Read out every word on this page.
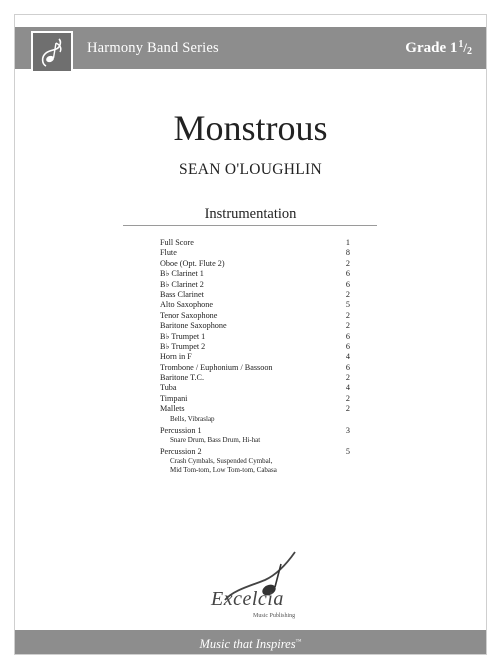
Harmony Band Series	Grade $1^1/2$
Monstrous
SEAN O'LOUGHLIN
Instrumentation
Full Score	1
Flute	8
Oboe (Opt. Flute 2)	2
B♭ Clarinet 1	6
B♭ Clarinet 2	6
Bass Clarinet	2
Alto Saxophone	5
Tenor Saxophone	2
Baritone Saxophone	2
B♭ Trumpet 1	6
B♭ Trumpet 2	6
Horn in F	4
Trombone / Euphonium / Bassoon	6
Baritone T.C.	2
Tuba	4
Timpani	2
Mallets	2
Bells, Vibraslap
Percussion 1	3
Snare Drum, Bass Drum, Hi-hat
Percussion 2	5
Crash Cymbals, Suspended Cymbal,
Mid Tom-tom, Low Tom-tom, Cabasa
Excelcia
Music Publishing
Music that Inspires™
